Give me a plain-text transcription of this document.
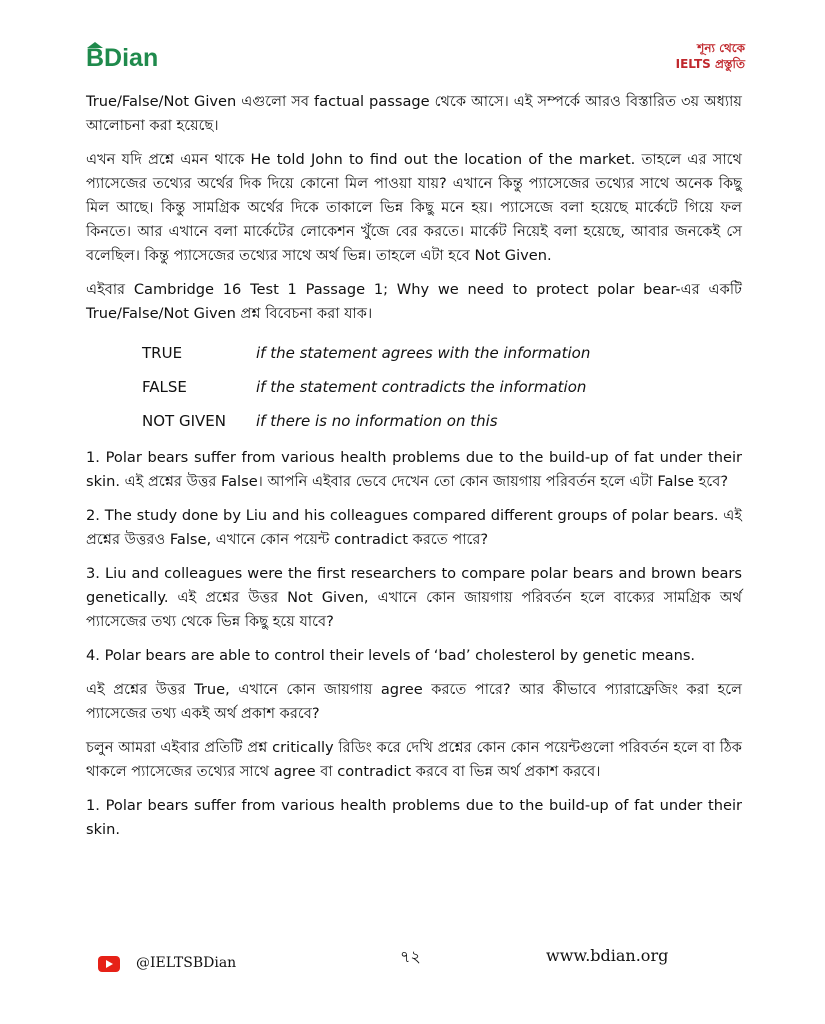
BDian	শূন্য থেকে
IELTS প্রস্তুতি

True/False/Not Given এগুলো সব factual passage থেকে আসে। এই সম্পর্কে আরও বিস্তারিত ৩য় অধ্যায় আলোচনা করা হয়েছে।

এখন যদি প্রশ্নে এমন থাকে He told John to find out the location of the market. তাহলে এর সাথে প্যাসেজের তথ্যের অর্থের দিক দিয়ে কোনো মিল পাওয়া যায়? এখানে কিন্তু প্যাসেজের তথ্যের সাথে অনেক কিছু মিল আছে। কিন্তু সামগ্রিক অর্থের দিকে তাকালে ভিন্ন কিছু মনে হয়। প্যাসেজে বলা হয়েছে মার্কেটে গিয়ে ফল কিনতে। আর এখানে বলা মার্কেটের লোকেশন খুঁজে বের করতে। মার্কেট নিয়েই বলা হয়েছে, আবার জনকেই সে বলেছিল। কিন্তু প্যাসেজের তথ্যের সাথে অর্থ ভিন্ন। তাহলে এটা হবে Not Given.

এইবার Cambridge 16 Test 1 Passage 1; Why we need to protect polar bear-এর একটি True/False/Not Given প্রশ্ন বিবেচনা করা যাক।

TRUE	if the statement agrees with the information
FALSE	if the statement contradicts the information
NOT GIVEN	if there is no information on this

1. Polar bears suffer from various health problems due to the build-up of fat under their skin. এই প্রশ্নের উত্তর False। আপনি এইবার ভেবে দেখেন তো কোন জায়গায় পরিবর্তন হলে এটা False হবে?

2. The study done by Liu and his colleagues compared different groups of polar bears. এই প্রশ্নের উত্তরও False, এখানে কোন পয়েন্ট contradict করতে পারে?

3. Liu and colleagues were the first researchers to compare polar bears and brown bears genetically. এই প্রশ্নের উত্তর Not Given, এখানে কোন জায়গায় পরিবর্তন হলে বাক্যের সামগ্রিক অর্থ প্যাসেজের তথ্য থেকে ভিন্ন কিছু হয়ে যাবে?

4. Polar bears are able to control their levels of ‘bad’ cholesterol by genetic means.

এই প্রশ্নের উত্তর True, এখানে কোন জায়গায় agree করতে পারে? আর কীভাবে প্যারাফ্রেজিং করা হলে প্যাসেজের তথ্য একই অর্থ প্রকাশ করবে?

চলুন আমরা এইবার প্রতিটি প্রশ্ন critically রিডিং করে দেখি প্রশ্নের কোন কোন পয়েন্টগুলো পরিবর্তন হলে বা ঠিক থাকলে প্যাসেজের তথ্যের সাথে agree বা contradict করবে বা ভিন্ন অর্থ প্রকাশ করবে।

1. Polar bears suffer from various health problems due to the build-up of fat under their skin.

@IELTSBDian	৭২	www.bdian.org
